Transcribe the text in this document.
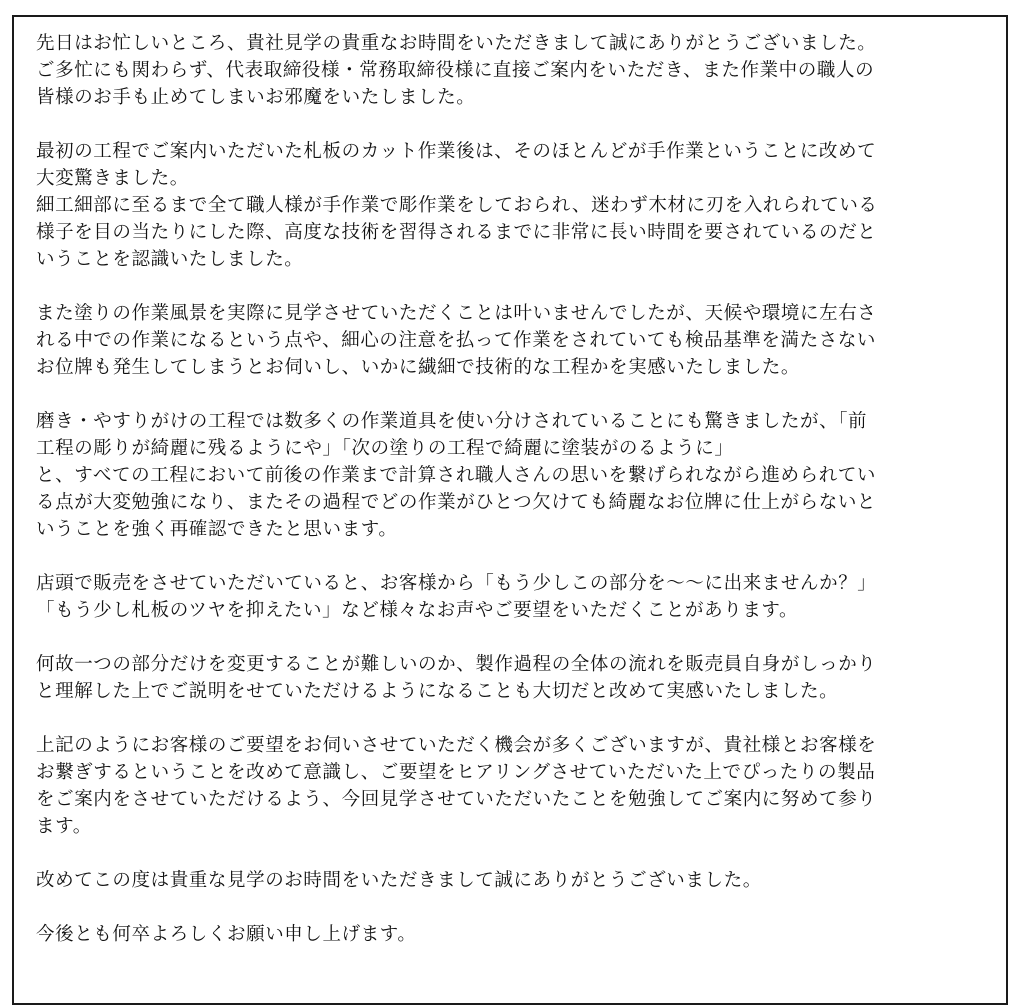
先日はお忙しいところ、貴社見学の貴重なお時間をいただきまして誠にありがとうございました。
ご多忙にも関わらず、代表取締役様・常務取締役様に直接ご案内をいただき、また作業中の職人の
皆様のお手も止めてしまいお邪魔をいたしました。
最初の工程でご案内いただいた札板のカット作業後は、そのほとんどが手作業ということに改めて
大変驚きました。
細工細部に至るまで全て職人様が手作業で彫作業をしておられ、迷わず木材に刃を入れられている
様子を目の当たりにした際、高度な技術を習得されるまでに非常に長い時間を要されているのだと
いうことを認識いたしました。
また塗りの作業風景を実際に見学させていただくことは叶いませんでしたが、天候や環境に左右さ
れる中での作業になるという点や、細心の注意を払って作業をされていても検品基準を満たさない
お位牌も発生してしまうとお伺いし、いかに繊細で技術的な工程かを実感いたしました。
磨き・やすりがけの工程では数多くの作業道具を使い分けされていることにも驚きましたが、「前
工程の彫りが綺麗に残るようにや」「次の塗りの工程で綺麗に塗装がのるように」
と、すべての工程において前後の作業まで計算され職人さんの思いを繋げられながら進められてい
る点が大変勉強になり、またその過程でどの作業がひとつ欠けても綺麗なお位牌に仕上がらないと
いうことを強く再確認できたと思います。
店頭で販売をさせていただいていると、お客様から「もう少しこの部分を～～に出来ませんか？」
「もう少し札板のツヤを抑えたい」など様々なお声やご要望をいただくことがあります。
何故一つの部分だけを変更することが難しいのか、製作過程の全体の流れを販売員自身がしっかり
と理解した上でご説明をせていただけるようになることも大切だと改めて実感いたしました。
上記のようにお客様のご要望をお伺いさせていただく機会が多くございますが、貴社様とお客様を
お繋ぎするということを改めて意識し、ご要望をヒアリングさせていただいた上でぴったりの製品
をご案内をさせていただけるよう、今回見学させていただいたことを勉強してご案内に努めて参り
ます。
改めてこの度は貴重な見学のお時間をいただきまして誠にありがとうございました。
今後とも何卒よろしくお願い申し上げます。
